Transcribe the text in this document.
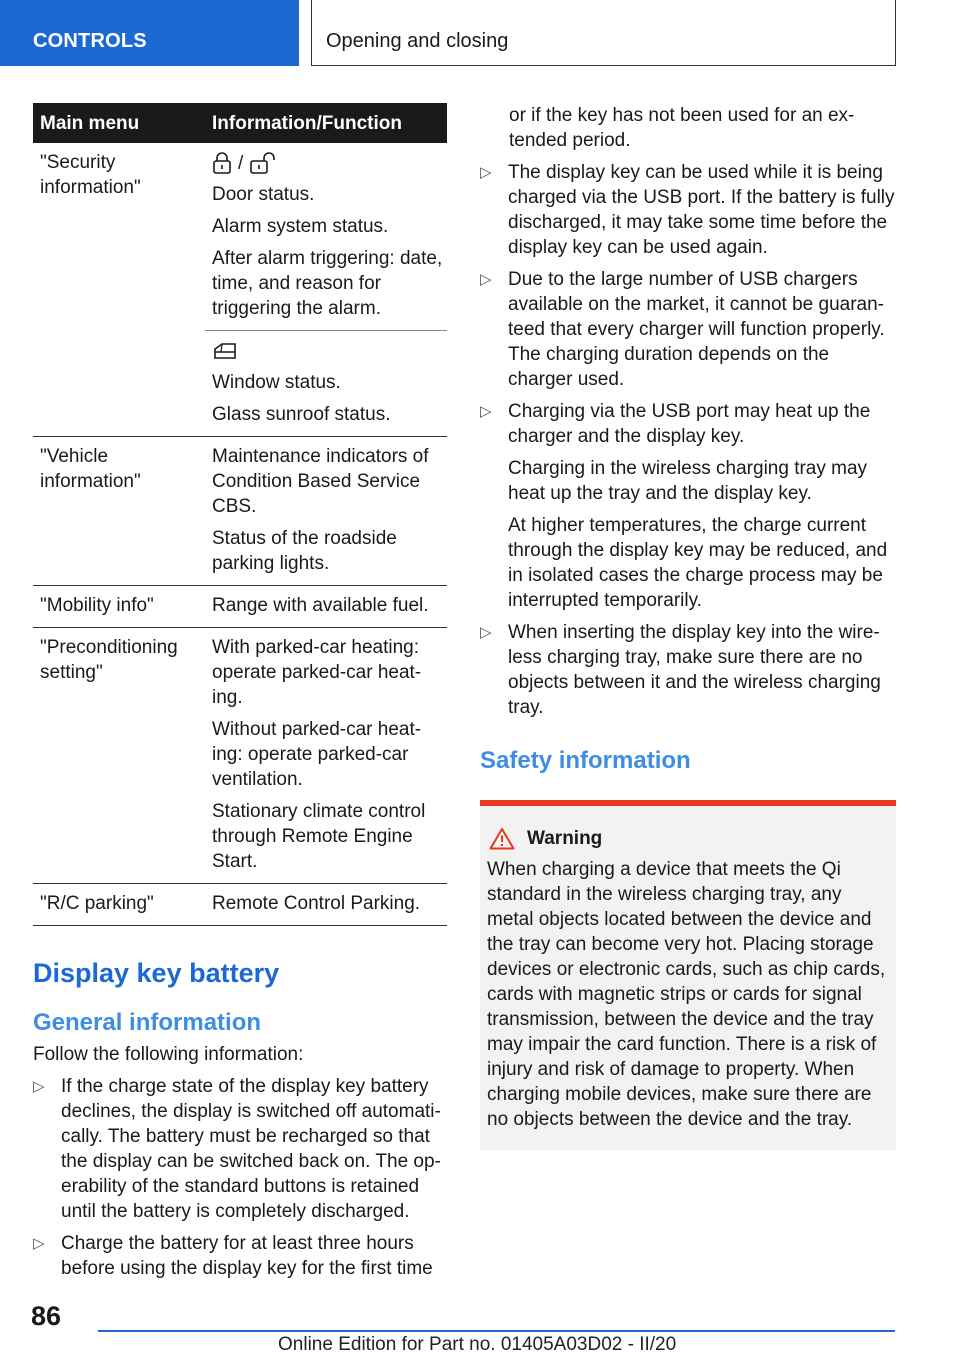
CONTROLS	Opening and closing
Main menu	Information/Function
"Security information"	/

Door status.

Alarm system status.

After alarm triggering: date, time, and reason for triggering the alarm.

	Window status.

Glass sunroof status.

"Vehicle information"	Maintenance indicators of Condition Based Service CBS.

Status of the roadside parking lights.

"Mobility info"	Range with available fuel.

"Preconditioning setting"	With parked-car heating: operate parked-car heat-ing.

Without parked-car heat-ing: operate parked-car ventilation.

Stationary climate control through Remote Engine Start.

"R/C parking"	Remote Control Parking.

Display key battery
General information

Follow the following information:

▷ If the charge state of the display key battery declines, the display is switched off automati-cally. The battery must be recharged so that the display can be switched back on. The op-erability of the standard buttons is retained until the battery is completely discharged.
▷ Charge the battery for at least three hours before using the display key for the first time

or if the key has not been used for an ex-tended period.

▷ The display key can be used while it is being charged via the USB port. If the battery is fully discharged, it may take some time before the display key can be used again.
▷ Due to the large number of USB chargers available on the market, it cannot be guaran-teed that every charger will function properly. The charging duration depends on the charger used.
▷ Charging via the USB port may heat up the charger and the display key.
Charging in the wireless charging tray may heat up the tray and the display key.
At higher temperatures, the charge current through the display key may be reduced, and in isolated cases the charge process may be interrupted temporarily.
▷ When inserting the display key into the wire-less charging tray, make sure there are no objects between it and the wireless charging tray.
Safety information
Warning

When charging a device that meets the Qi standard in the wireless charging tray, any metal objects located between the device and the tray can become very hot. Placing storage devices or electronic cards, such as chip cards, cards with magnetic strips or cards for signal transmission, between the device and the tray may impair the card function. There is a risk of injury and risk of damage to property. When charging mobile devices, make sure there are no objects between the device and the tray.

86
Online Edition for Part no. 01405A03D02 - II/20
